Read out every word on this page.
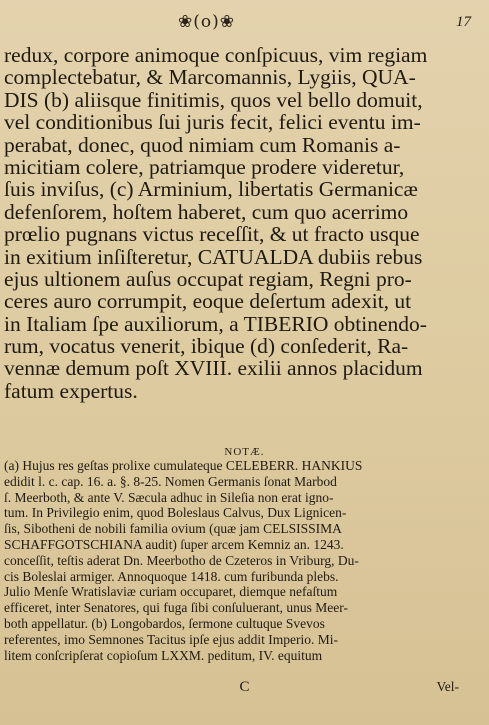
❀(o)❀	17
redux, corpore animoque conſpicuus, vim regiam
complectebatur, & Marcomannis, Lygiis, QUA-
DIS (b) aliisque finitimis, quos vel bello domuit,
vel conditionibus ſui juris fecit, felici eventu im-
perabat, donec, quod nimiam cum Romanis a-
micitiam colere, patriamque prodere videretur,
ſuis inviſus, (c) Arminium, libertatis Germanicæ
defenſorem, hoſtem haberet, cum quo acerrimo
prœlio pugnans victus receſſit, & ut fracto usque
in exitium inſiſteretur, CATUALDA dubiis rebus
ejus ultionem auſus occupat regiam, Regni pro-
ceres auro corrumpit, eoque deſertum adexit, ut
in Italiam ſpe auxiliorum, a TIBERIO obtinendo-
rum, vocatus venerit, ibique (d) conſederit, Ra-
vennæ demum poſt XVIII. exilii annos placidum
fatum expertus.
NOTÆ.
(a) Hujus res geſtas prolixe cumulateque CELEBERR. HANKIUS
edidit l. c. cap. 16. a. §. 8-25. Nomen Germanis ſonat Marbod
ſ. Meerboth, & ante V. Sæcula adhuc in Sileſia non erat igno-
tum. In Privilegio enim, quod Boleslaus Calvus, Dux Lignicen-
ſis, Sibotheni de nobili familia ovium (quæ jam CELSISSIMA
SCHAFFGOTSCHIANA audit) ſuper arcem Kemniz an. 1243.
conceſſit, teſtis aderat Dn. Meerbotho de Czeteros in Vriburg, Du-
cis Boleslai armiger. Annoquoque 1418. cum furibunda plebs.
Julio Menſe Wratislaviæ curiam occuparet, diemque nefaſtum
efficeret, inter Senatores, qui fuga ſibi conſuluerant, unus Meer-
both appellatur. (b) Longobardos, ſermone cultuque Svevos
referentes, imo Semnones Tacitus ipſe ejus addit Imperio. Mi-
litem conſcripſerat copioſum LXXM. peditum, IV. equitum
C	Vel-
